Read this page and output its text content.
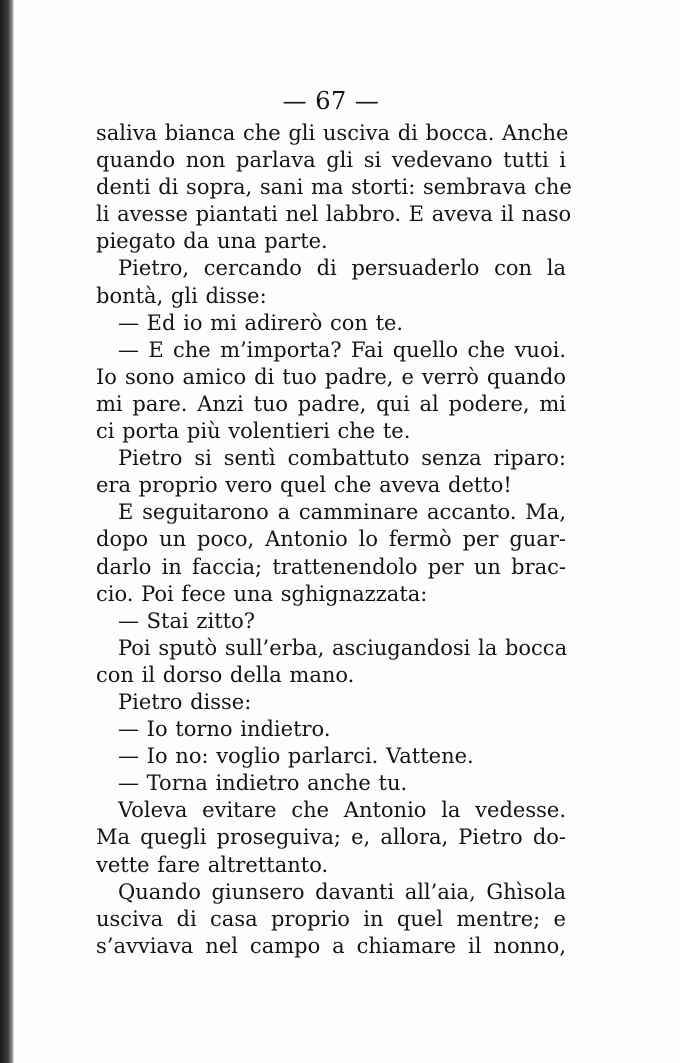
— 67 —
saliva bianca che gli usciva di bocca. Anche
quando non parlava gli si vedevano tutti i
denti di sopra, sani ma storti: sembrava che
li avesse piantati nel labbro. E aveva il naso
piegato da una parte.
Pietro, cercando di persuaderlo con la
bontà, gli disse:
— Ed io mi adirerò con te.
— E che m’importa? Fai quello che vuoi.
Io sono amico di tuo padre, e verrò quando
mi pare. Anzi tuo padre, qui al podere, mi
ci porta più volentieri che te.
Pietro si sentì combattuto senza riparo:
era proprio vero quel che aveva detto!
E seguitarono a camminare accanto. Ma,
dopo un poco, Antonio lo fermò per guar-
darlo in faccia; trattenendolo per un brac-
cio. Poi fece una sghignazzata:
— Stai zitto?
Poi sputò sull’erba, asciugandosi la bocca
con il dorso della mano.
Pietro disse:
— Io torno indietro.
— Io no: voglio parlarci. Vattene.
— Torna indietro anche tu.
Voleva evitare che Antonio la vedesse.
Ma quegli proseguiva; e, allora, Pietro do-
vette fare altrettanto.
Quando giunsero davanti all’aia, Ghìsola
usciva di casa proprio in quel mentre; e
s’avviava nel campo a chiamare il nonno,
